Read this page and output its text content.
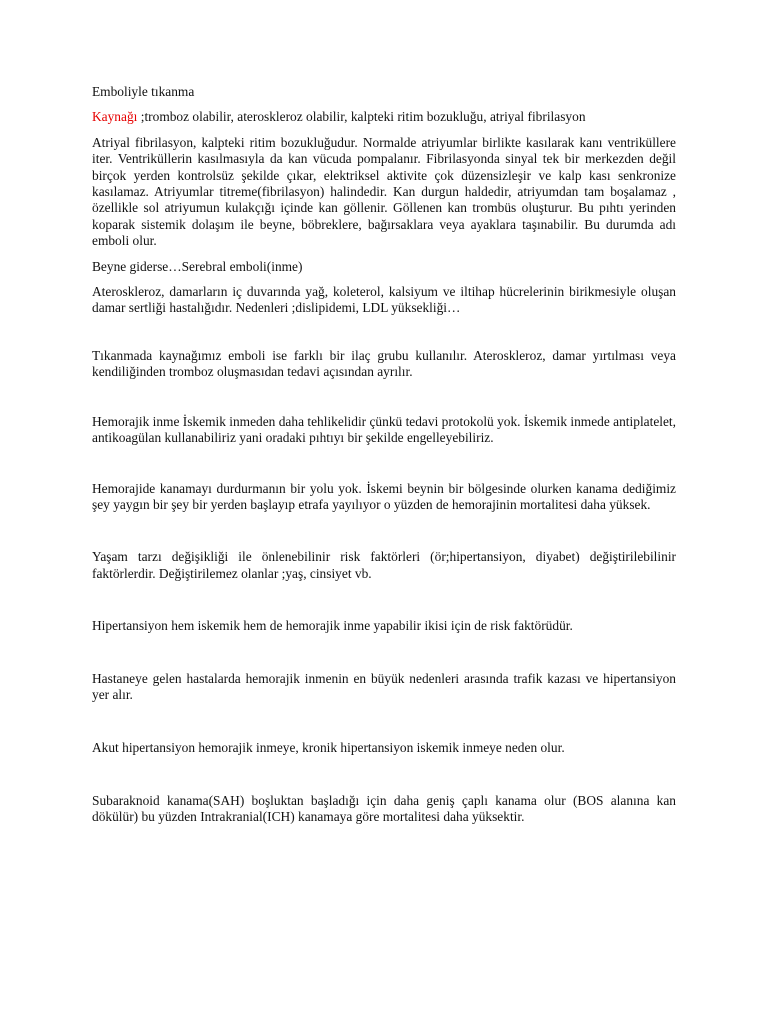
Emboliyle tıkanma

Kaynağı ;tromboz olabilir, ateroskleroz olabilir, kalpteki ritim bozukluğu, atriyal fibrilasyon

Atriyal fibrilasyon, kalpteki ritim bozukluğudur. Normalde atriyumlar birlikte kasılarak kanı ventriküllere iter. Ventriküllerin kasılmasıyla da kan vücuda pompalanır. Fibrilasyonda sinyal tek bir merkezden değil birçok yerden kontrolsüz şekilde çıkar, elektriksel aktivite çok düzensizleşir ve kalp kası senkronize kasılamaz. Atriyumlar titreme(fibrilasyon) halindedir. Kan durgun haldedir, atriyumdan tam boşalamaz , özellikle sol atriyumun kulakçığı içinde kan göllenir. Göllenen kan trombüs oluşturur. Bu pıhtı yerinden koparak sistemik dolaşım ile beyne, böbreklere, bağırsaklara veya ayaklara taşınabilir. Bu durumda adı emboli olur.

Beyne giderse…Serebral emboli(inme)

Ateroskleroz, damarların iç duvarında yağ, koleterol, kalsiyum ve iltihap hücrelerinin birikmesiyle oluşan damar sertliği hastalığıdır. Nedenleri ;dislipidemi, LDL yüksekliği…

Tıkanmada kaynağımız emboli ise farklı bir ilaç grubu kullanılır. Ateroskleroz, damar yırtılması veya kendiliğinden tromboz oluşmasıdan tedavi açısından ayrılır.

Hemorajik inme İskemik inmeden daha tehlikelidir çünkü tedavi protokolü yok. İskemik inmede antiplatelet, antikoagülan kullanabiliriz yani oradaki pıhtıyı bir şekilde engelleyebiliriz.

Hemorajide kanamayı durdurmanın bir yolu yok. İskemi beynin bir bölgesinde olurken kanama dediğimiz şey yaygın bir şey bir yerden başlayıp etrafa yayılıyor o yüzden de hemorajinin mortalitesi daha yüksek.

Yaşam tarzı değişikliği ile önlenebilinir risk faktörleri (ör;hipertansiyon, diyabet) değiştirilebilinir faktörlerdir. Değiştirilemez olanlar ;yaş, cinsiyet vb.

Hipertansiyon hem iskemik hem de hemorajik inme yapabilir ikisi için de risk faktörüdür.

Hastaneye gelen hastalarda hemorajik inmenin en büyük nedenleri arasında trafik kazası ve hipertansiyon yer alır.

Akut hipertansiyon hemorajik inmeye, kronik hipertansiyon iskemik inmeye neden olur.

Subaraknoid kanama(SAH) boşluktan başladığı için daha geniş çaplı kanama olur (BOS alanına kan dökülür) bu yüzden Intrakranial(ICH) kanamaya göre mortalitesi daha yüksektir.
